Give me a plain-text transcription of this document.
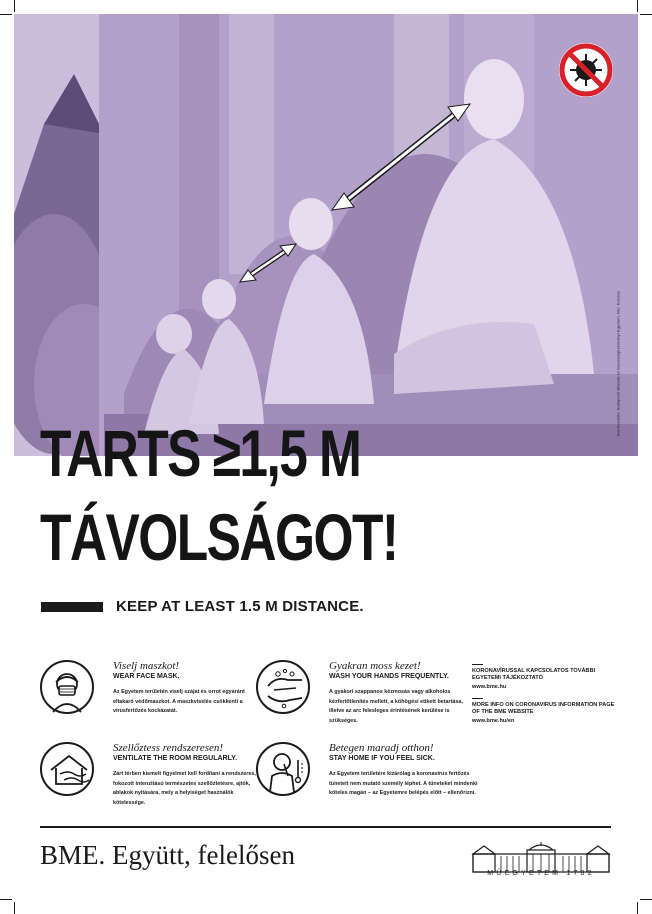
Szerkesztette: Budapesti Műszaki és Gazdaságtudományi Egyetem, fotó: Kolossa
TARTS ≥1,5 M
TÁVOLSÁGOT!
KEEP AT LEAST 1.5 M DISTANCE.
Viselj maszkot!
WEAR FACE MASK.
Az Egyetem területén viselj szájat és orrot egyaránt eltakaró védőmaszkot. A maszkviselés csökkenti a vírusfertőzés kockázatát.
Gyakran moss kezet!
WASH YOUR HANDS FREQUENTLY.
A gyakori szappanos kézmosás vagy alkoholos kézfertőtlenítés mellett, a köhögési etikett betartása, illetve az arc felesleges érintésének kerülése is szükséges.
Szellőztess rendszeresen!
VENTILATE THE ROOM REGULARLY.
Zárt térben kiemelt figyelmet kell fordítani a rendszeres, fokozott intenzitású természetes szellőztetésre, ajtók, ablakok nyitására, mely a helyiséget használók kötelessége.
Betegen maradj otthon!
STAY HOME IF YOU FEEL SICK.
Az Egyetem területére kizárólag a koronavírus fertőzés tüneteit nem mutató személy léphet. A tüneteket mindenki köteles magán – az Egyetemre belépés előtt – ellenőrizni.
KORONAVÍRUSSAL KAPCSOLATOS TOVÁBBI EGYETEMI TÁJÉKOZTATÓ
www.bme.hu
MORE INFO ON CORONAVIRUS INFORMATION PAGE OF THE BME WEBSITE
www.bme.hu/en
BME. Együtt, felelősen
MŰEGYETEM 1782
